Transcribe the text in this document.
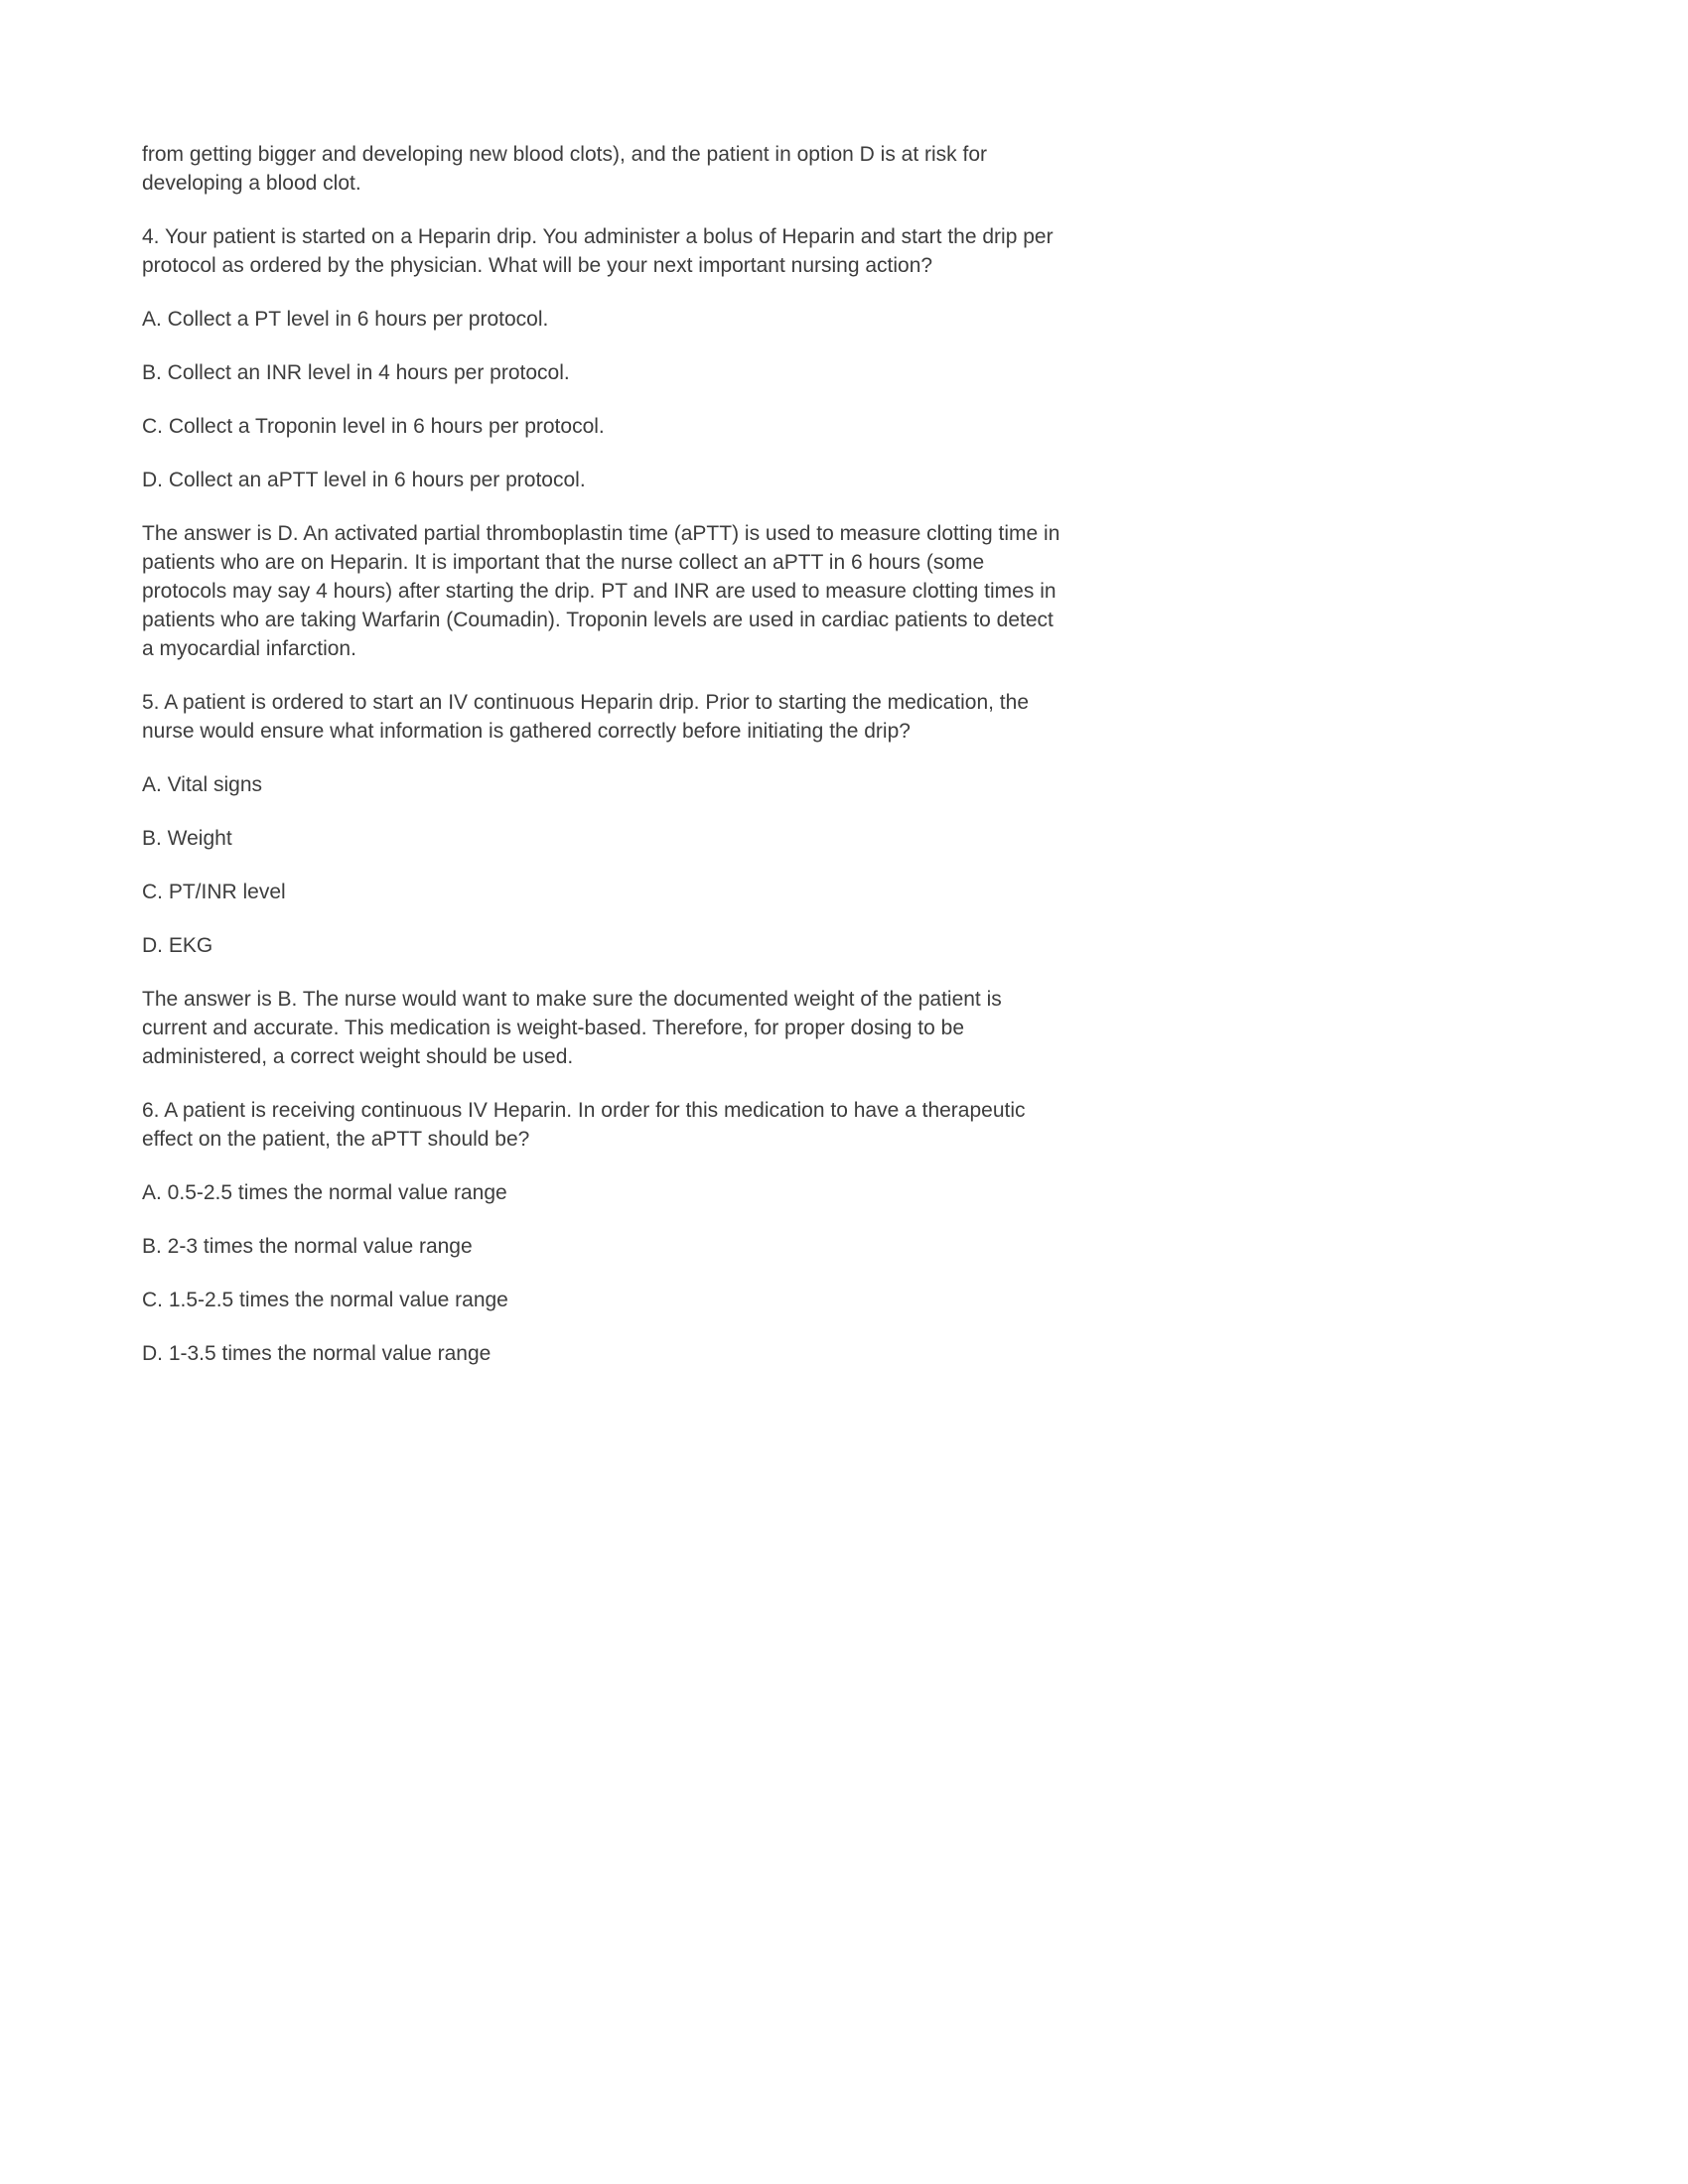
from getting bigger and developing new blood clots), and the patient in option D is at risk for developing a blood clot.

4. Your patient is started on a Heparin drip. You administer a bolus of Heparin and start the drip per protocol as ordered by the physician. What will be your next important nursing action?

A. Collect a PT level in 6 hours per protocol.

B. Collect an INR level in 4 hours per protocol.

C. Collect a Troponin level in 6 hours per protocol.

D. Collect an aPTT level in 6 hours per protocol.

The answer is D. An activated partial thromboplastin time (aPTT) is used to measure clotting time in patients who are on Heparin. It is important that the nurse collect an aPTT in 6 hours (some protocols may say 4 hours) after starting the drip. PT and INR are used to measure clotting times in patients who are taking Warfarin (Coumadin). Troponin levels are used in cardiac patients to detect a myocardial infarction.

5. A patient is ordered to start an IV continuous Heparin drip. Prior to starting the medication, the nurse would ensure what information is gathered correctly before initiating the drip?

A. Vital signs

B. Weight

C. PT/INR level

D. EKG

The answer is B. The nurse would want to make sure the documented weight of the patient is current and accurate. This medication is weight-based. Therefore, for proper dosing to be administered, a correct weight should be used.

6. A patient is receiving continuous IV Heparin. In order for this medication to have a therapeutic effect on the patient, the aPTT should be?

A. 0.5-2.5 times the normal value range

B. 2-3 times the normal value range

C. 1.5-2.5 times the normal value range

D. 1-3.5 times the normal value range
